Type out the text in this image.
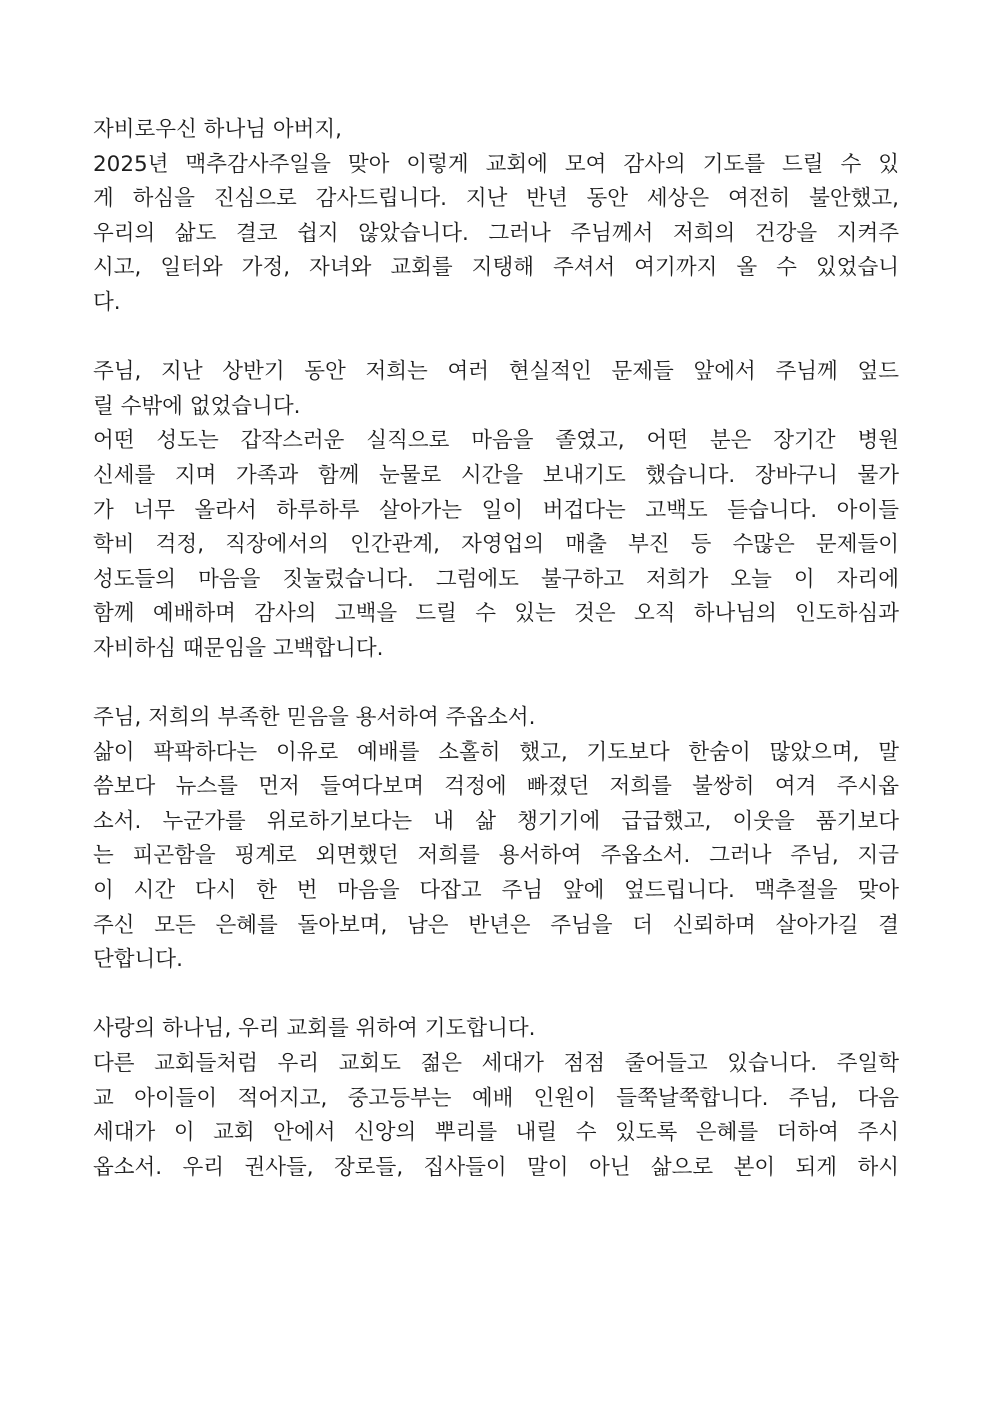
자비로우신 하나님 아버지,
2025년 맥추감사주일을 맞아 이렇게 교회에 모여 감사의 기도를 드릴 수 있
게 하심을 진심으로 감사드립니다. 지난 반년 동안 세상은 여전히 불안했고,
우리의 삶도 결코 쉽지 않았습니다. 그러나 주님께서 저희의 건강을 지켜주
시고, 일터와 가정, 자녀와 교회를 지탱해 주셔서 여기까지 올 수 있었습니
다.
주님, 지난 상반기 동안 저희는 여러 현실적인 문제들 앞에서 주님께 엎드
릴 수밖에 없었습니다.
어떤 성도는 갑작스러운 실직으로 마음을 졸였고, 어떤 분은 장기간 병원
신세를 지며 가족과 함께 눈물로 시간을 보내기도 했습니다. 장바구니 물가
가 너무 올라서 하루하루 살아가는 일이 버겁다는 고백도 듣습니다. 아이들
학비 걱정, 직장에서의 인간관계, 자영업의 매출 부진 등 수많은 문제들이
성도들의 마음을 짓눌렀습니다. 그럼에도 불구하고 저희가 오늘 이 자리에
함께 예배하며 감사의 고백을 드릴 수 있는 것은 오직 하나님의 인도하심과
자비하심 때문임을 고백합니다.
주님, 저희의 부족한 믿음을 용서하여 주옵소서.
삶이 팍팍하다는 이유로 예배를 소홀히 했고, 기도보다 한숨이 많았으며, 말
씀보다 뉴스를 먼저 들여다보며 걱정에 빠졌던 저희를 불쌍히 여겨 주시옵
소서. 누군가를 위로하기보다는 내 삶 챙기기에 급급했고, 이웃을 품기보다
는 피곤함을 핑계로 외면했던 저희를 용서하여 주옵소서. 그러나 주님, 지금
이 시간 다시 한 번 마음을 다잡고 주님 앞에 엎드립니다. 맥추절을 맞아
주신 모든 은혜를 돌아보며, 남은 반년은 주님을 더 신뢰하며 살아가길 결
단합니다.
사랑의 하나님, 우리 교회를 위하여 기도합니다.
다른 교회들처럼 우리 교회도 젊은 세대가 점점 줄어들고 있습니다. 주일학
교 아이들이 적어지고, 중고등부는 예배 인원이 들쭉날쭉합니다. 주님, 다음
세대가 이 교회 안에서 신앙의 뿌리를 내릴 수 있도록 은혜를 더하여 주시
옵소서. 우리 권사들, 장로들, 집사들이 말이 아닌 삶으로 본이 되게 하시
